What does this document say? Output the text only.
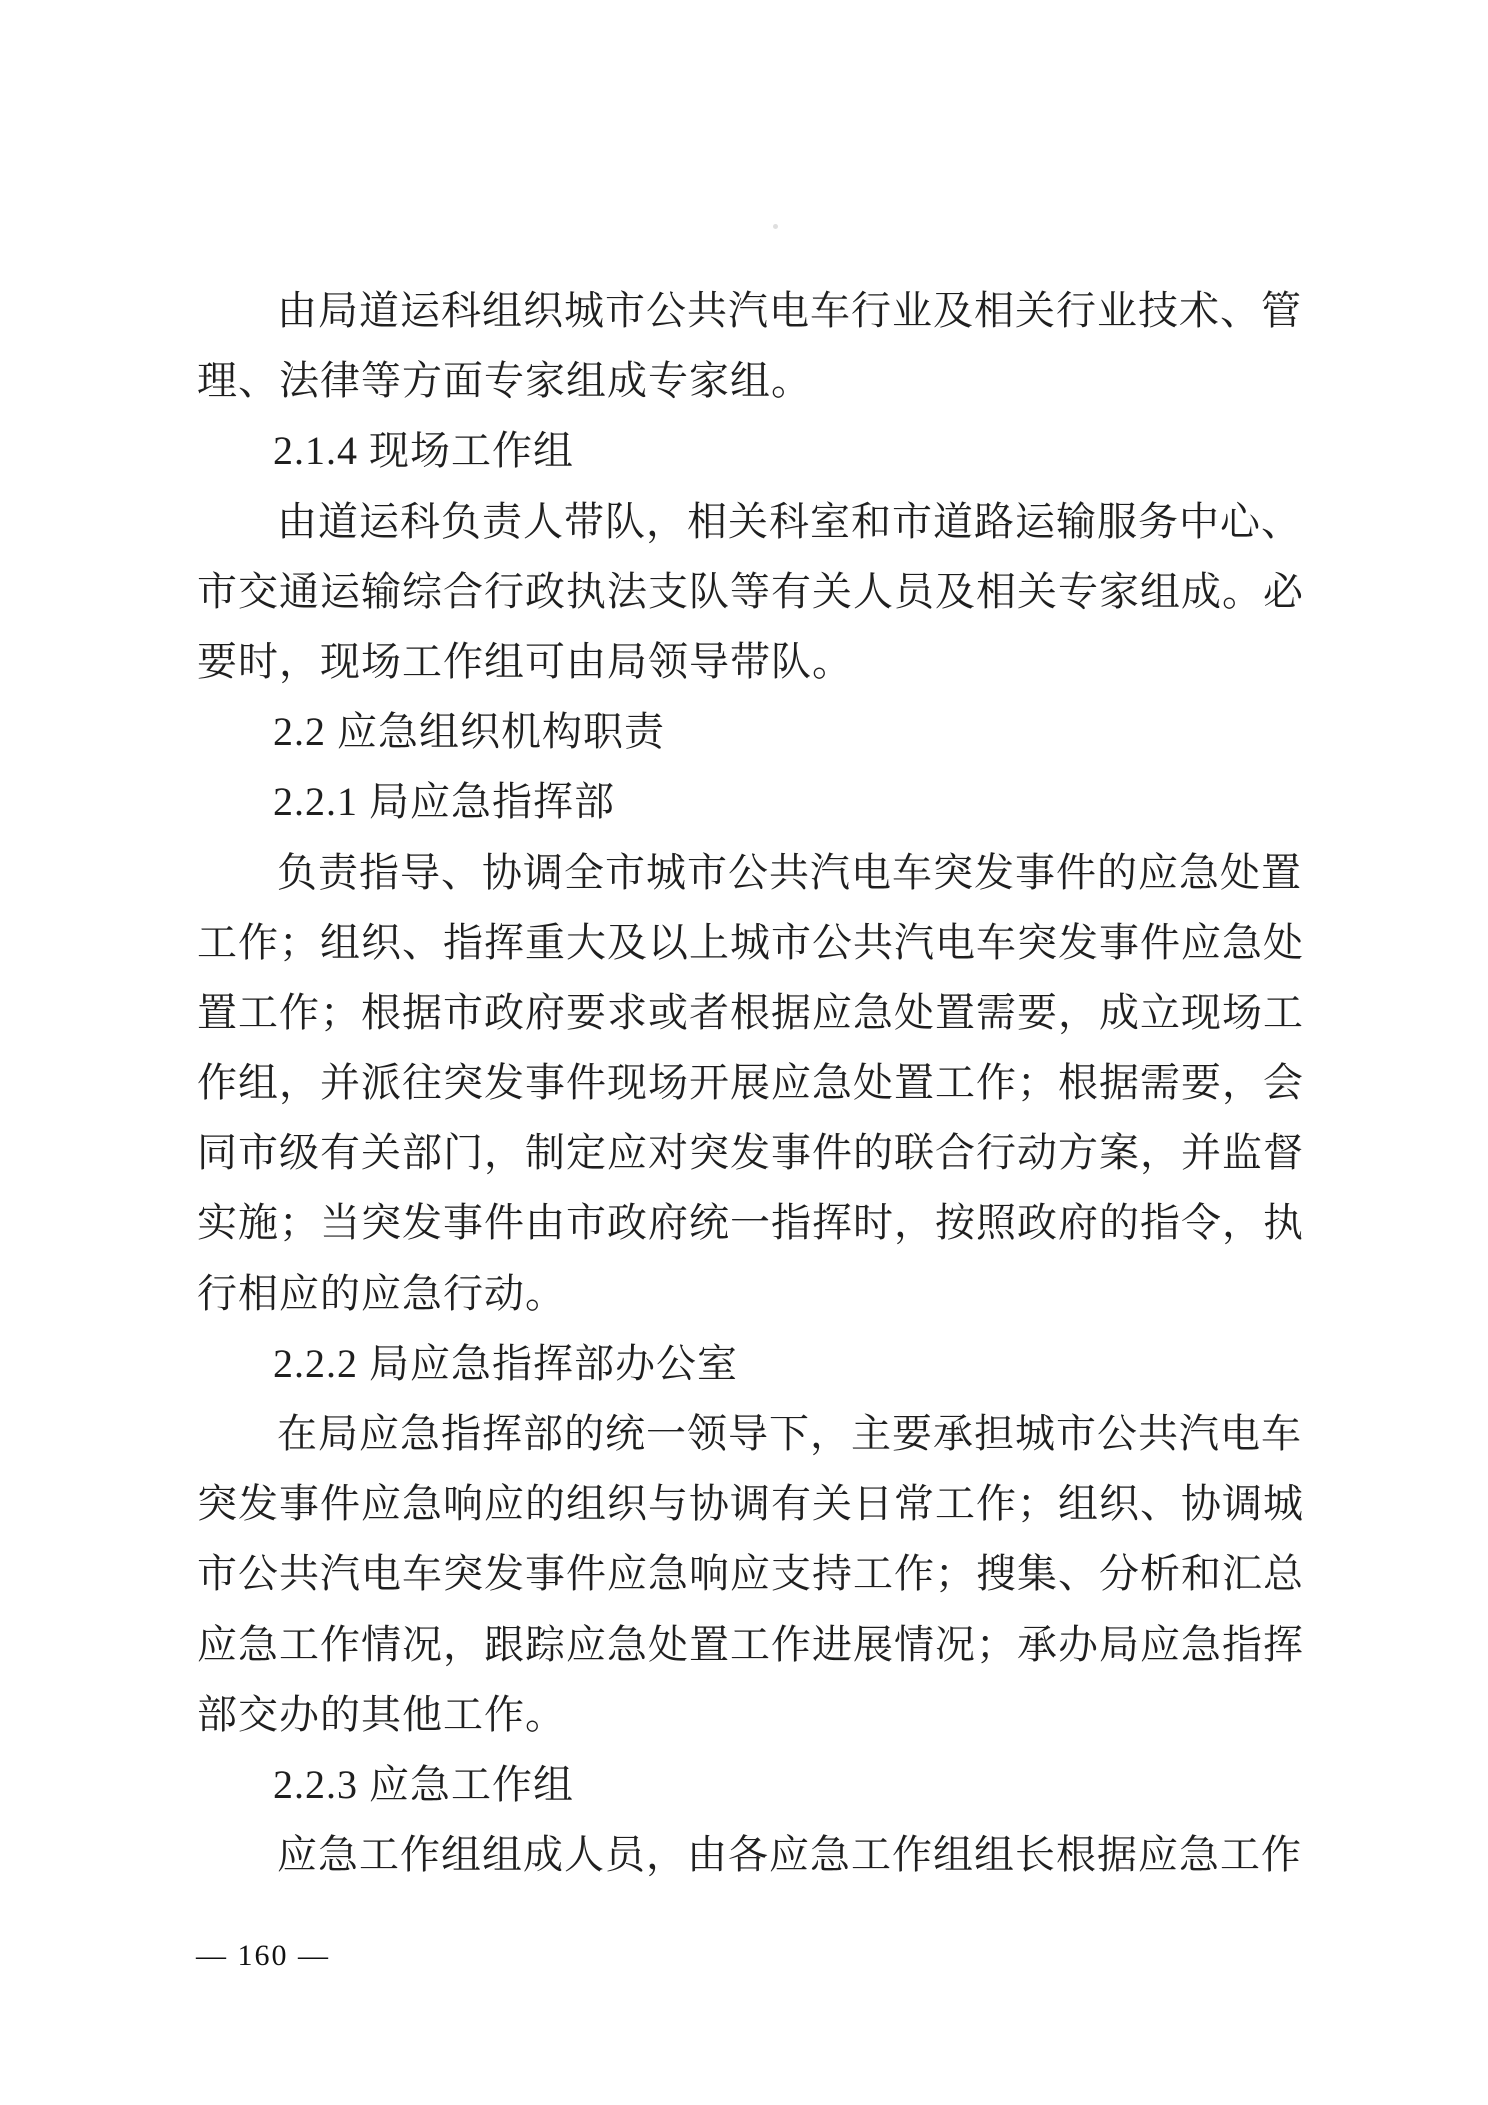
由局道运科组织城市公共汽电车行业及相关行业技术、管
理、法律等方面专家组成专家组。
2.1.4 现场工作组
由道运科负责人带队，相关科室和市道路运输服务中心、
市交通运输综合行政执法支队等有关人员及相关专家组成。必
要时，现场工作组可由局领导带队。
2.2 应急组织机构职责
2.2.1 局应急指挥部
负责指导、协调全市城市公共汽电车突发事件的应急处置
工作；组织、指挥重大及以上城市公共汽电车突发事件应急处
置工作；根据市政府要求或者根据应急处置需要，成立现场工
作组，并派往突发事件现场开展应急处置工作；根据需要，会
同市级有关部门，制定应对突发事件的联合行动方案，并监督
实施；当突发事件由市政府统一指挥时，按照政府的指令，执
行相应的应急行动。
2.2.2 局应急指挥部办公室
在局应急指挥部的统一领导下，主要承担城市公共汽电车
突发事件应急响应的组织与协调有关日常工作；组织、协调城
市公共汽电车突发事件应急响应支持工作；搜集、分析和汇总
应急工作情况，跟踪应急处置工作进展情况；承办局应急指挥
部交办的其他工作。
2.2.3 应急工作组
应急工作组组成人员，由各应急工作组组长根据应急工作
— 160 —
